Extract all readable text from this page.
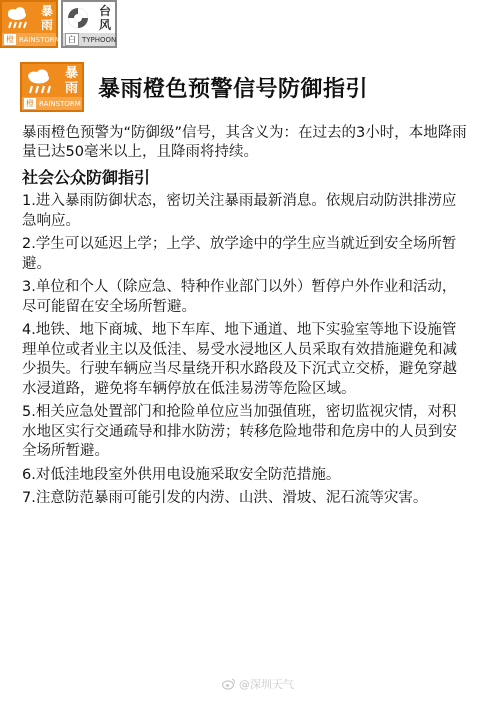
暴
雨
橙 RAINSTORM
台
风
白 TYPHOON
暴
雨
橙 RAINSTORM
暴雨橙色预警信号防御指引

暴雨橙色预警为“防御级”信号，其含义为：在过去的3小时，本地降雨量已达50毫米以上，且降雨将持续。

社会公众防御指引

1.进入暴雨防御状态，密切关注暴雨最新消息。依规启动防洪排涝应急响应。

2.学生可以延迟上学；上学、放学途中的学生应当就近到安全场所暂避。

3.单位和个人（除应急、特种作业部门以外）暂停户外作业和活动，尽可能留在安全场所暂避。

4.地铁、地下商城、地下车库、地下通道、地下实验室等地下设施管理单位或者业主以及低洼、易受水浸地区人员采取有效措施避免和减少损失。行驶车辆应当尽量绕开积水路段及下沉式立交桥，避免穿越水浸道路，避免将车辆停放在低洼易涝等危险区域。

5.相关应急处置部门和抢险单位应当加强值班，密切监视灾情，对积水地区实行交通疏导和排水防涝；转移危险地带和危房中的人员到安全场所暂避。

6.对低洼地段室外供用电设施采取安全防范措施。

7.注意防范暴雨可能引发的内涝、山洪、滑坡、泥石流等灾害。

@深圳天气
